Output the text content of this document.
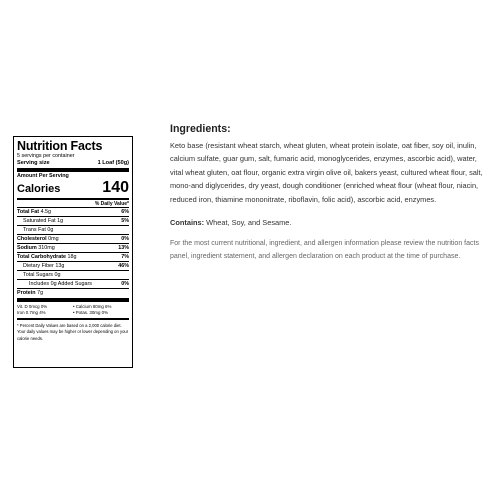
Nutrition Facts
5 servings per container
Serving size	1 Loaf (50g)
Amount Per Serving
Calories	140
% Daily Value*
Total Fat 4.5g	6%
Saturated Fat 1g	5%
Trans Fat 0g
Cholesterol 0mg	0%
Sodium 310mg	13%
Total Carbohydrate 18g	7%
Dietary Fiber 13g	46%
Total Sugars 0g
Includes 0g Added Sugars	0%
Protein 7g
Vit. D 0mcg 0%	• Calcium 80mg 6%
Iron 0.7mg 4%	• Potas. 30mg 0%
* Percent Daily Values are based on a 2,000 calorie diet. Your daily values may be higher or lower depending on your calorie needs.
Ingredients:

Keto base (resistant wheat starch, wheat gluten, wheat protein isolate, oat fiber, soy oil, inulin, calcium sulfate, guar gum, salt, fumaric acid, monoglycerides, enzymes, ascorbic acid), water, vital wheat gluten, oat flour, organic extra virgin olive oil, bakers yeast, cultured wheat flour, salt, mono-and diglycerides, dry yeast, dough conditioner (enriched wheat flour (wheat flour, niacin, reduced iron, thiamine mononitrate, riboflavin, folic acid), ascorbic acid, enzymes.

Contains: Wheat, Soy, and Sesame.
For the most current nutritional, ingredient, and allergen information please review the nutrition facts panel, ingredient statement, and allergen declaration on each product at the time of purchase.
